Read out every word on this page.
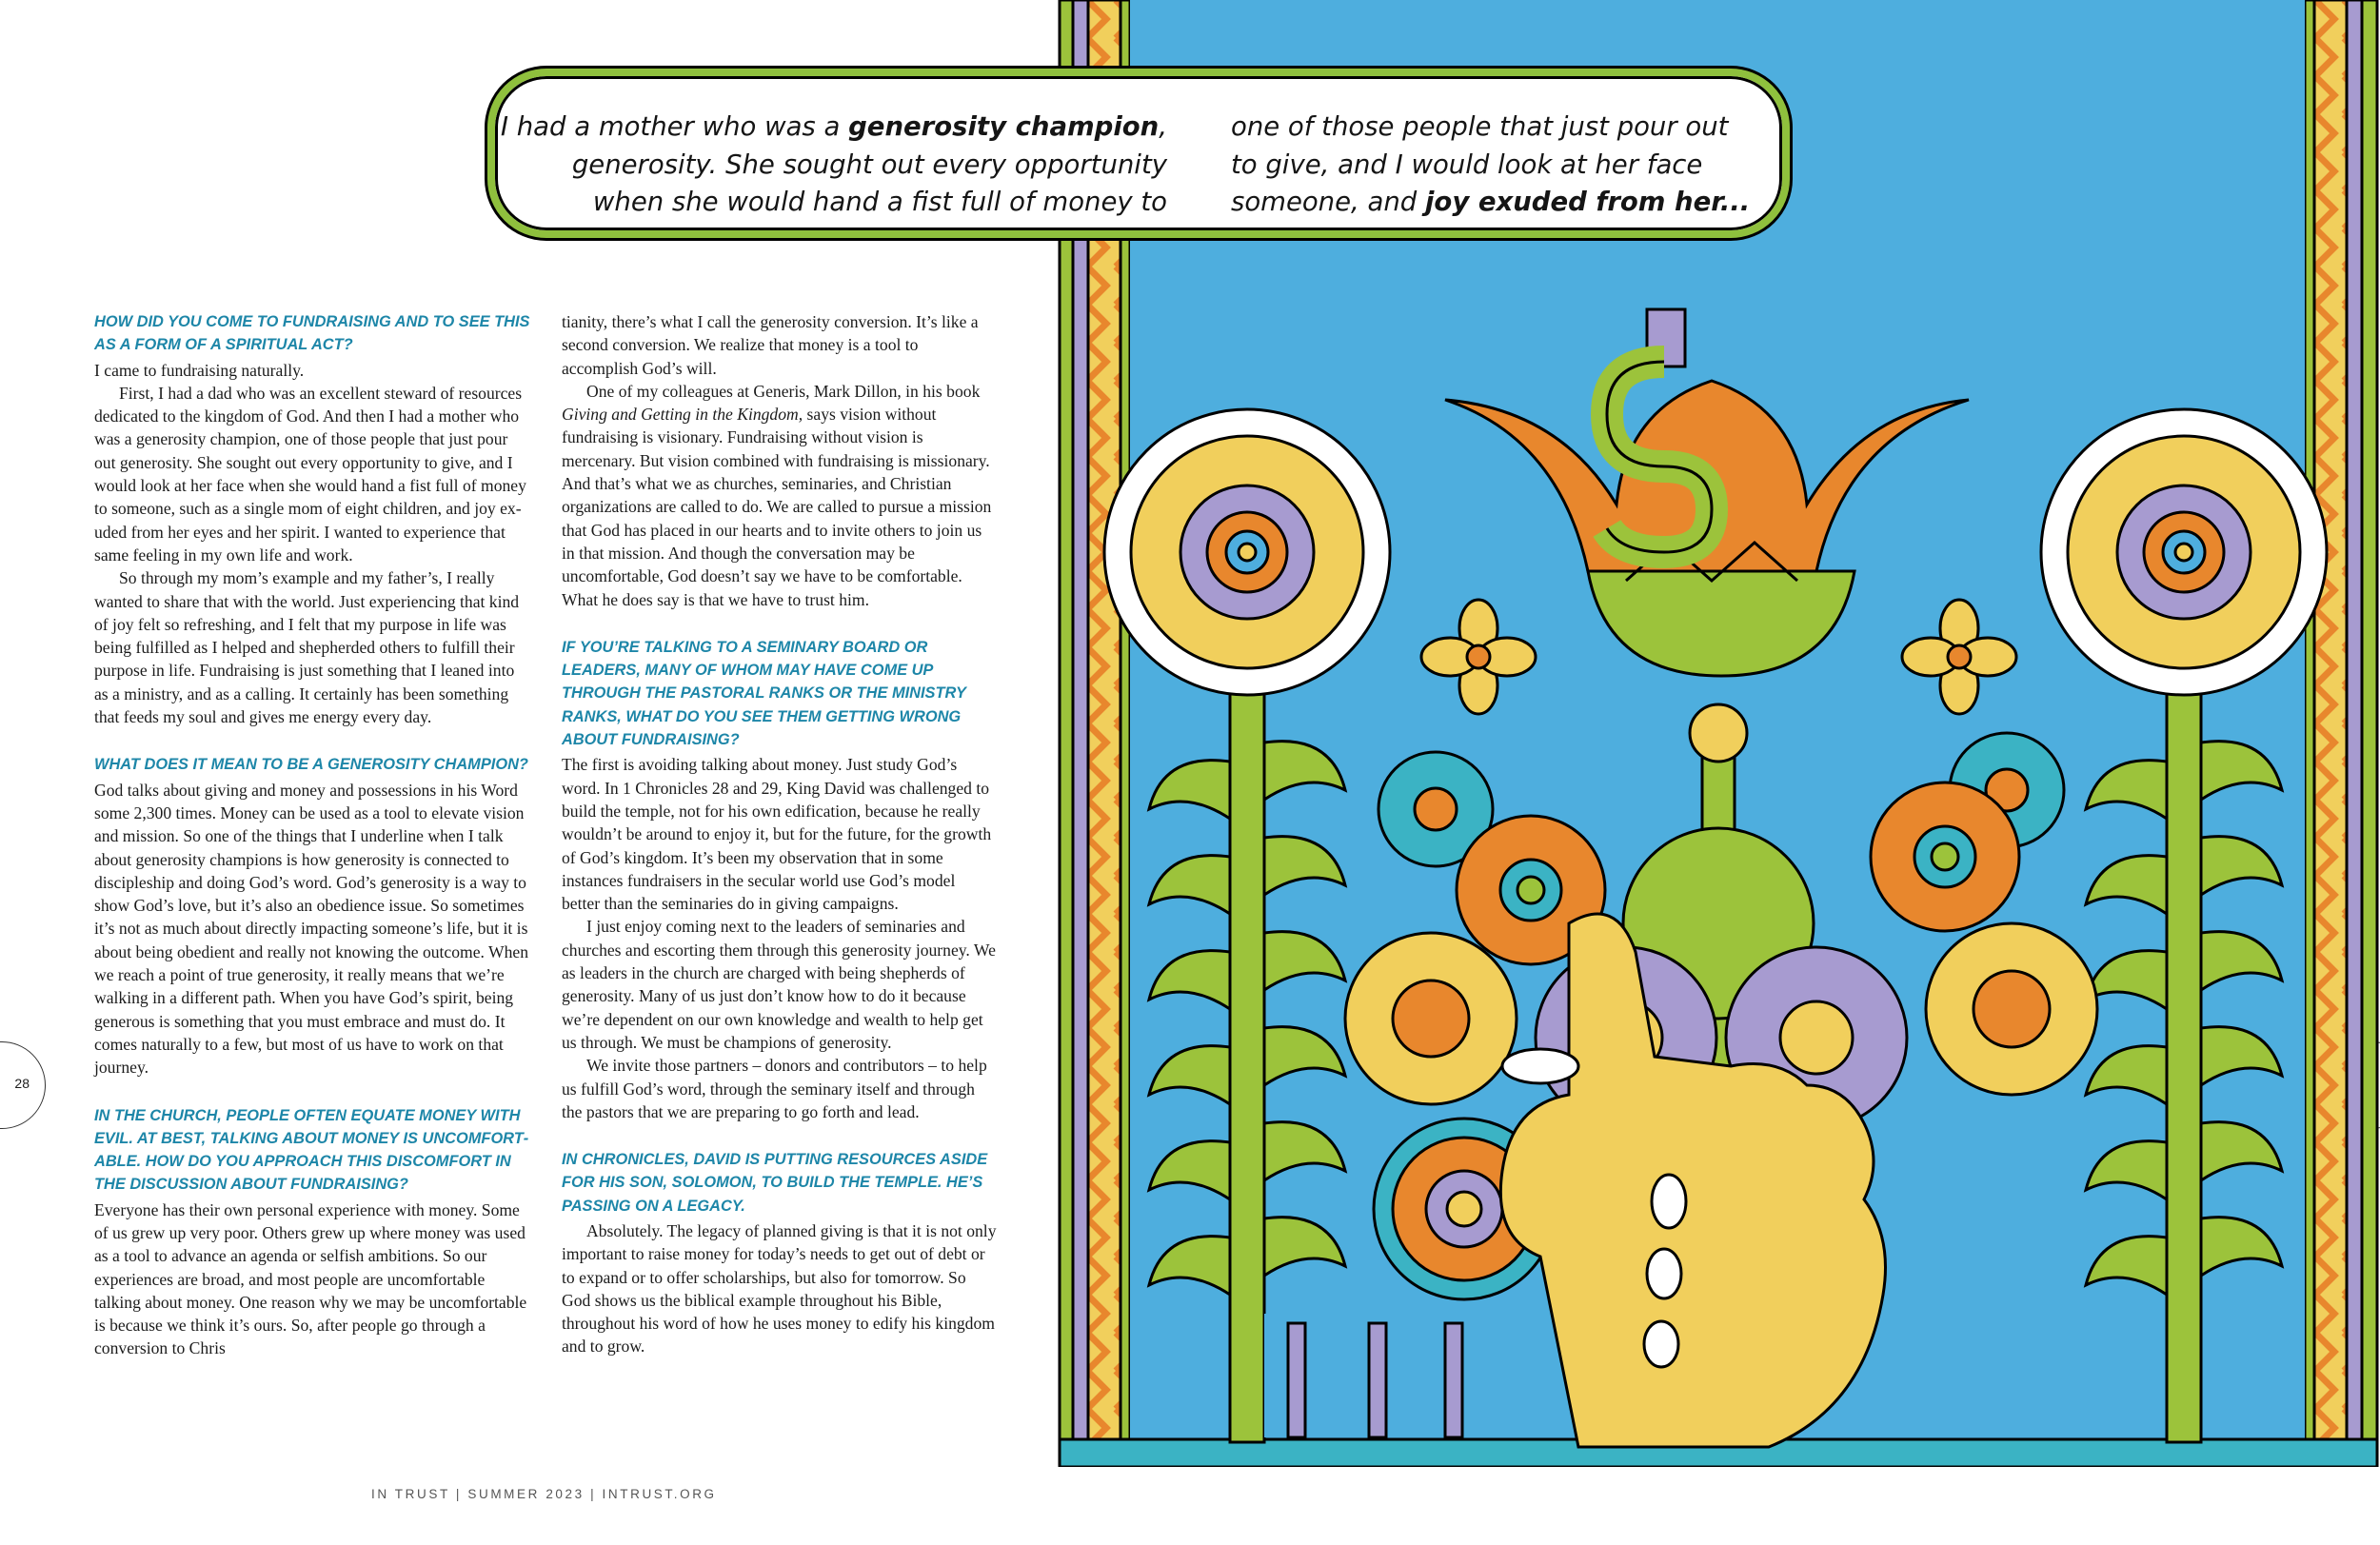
HOW DID YOU COME TO FUNDRAISING AND TO SEE THIS AS A FORM OF A SPIRITUAL ACT?

I came to fundraising naturally.

First, I had a dad who was an excellent steward of resources dedicated to the kingdom of God. And then I had a mother who was a generosity champion, one of those people that just pour out generosity. She sought out every opportunity to give, and I would look at her face when she would hand a fist full of money to someone, such as a single mom of eight children, and joy exuded from her eyes and her spirit. I wanted to experience that same feeling in my own life and work.

So through my mom’s example and my father’s, I really wanted to share that with the world. Just experiencing that kind of joy felt so refreshing, and I felt that my purpose in life was being fulfilled as I helped and shepherded others to fulfill their purpose in life. Fundraising is just something that I leaned into as a ministry, and as a calling. It certainly has been something that feeds my soul and gives me energy every day.

WHAT DOES IT MEAN TO BE A GENEROSITY CHAMPION?

God talks about giving and money and possessions in his Word some 2,300 times. Money can be used as a tool to elevate vision and mission. So one of the things that I underline when I talk about generosity champions is how generosity is connected to discipleship and doing God’s word. God’s generosity is a way to show God’s love, but it’s also an obedience issue. So sometimes it’s not as much about directly impacting someone’s life, but it is about being obedient and really not knowing the outcome. When we reach a point of true generosity, it really means that we’re walking in a different path. When you have God’s spirit, being generous is something that you must embrace and must do. It comes naturally to a few, but most of us have to work on that journey.

IN THE CHURCH, PEOPLE OFTEN EQUATE MONEY WITH EVIL. AT BEST, TALKING ABOUT MONEY IS UNCOMFORTABLE. HOW DO YOU APPROACH THIS DISCOMFORT IN THE DISCUSSION ABOUT FUNDRAISING?

Everyone has their own personal experience with money. Some of us grew up very poor. Others grew up where money was used as a tool to advance an agenda or selfish ambitions. So our experiences are broad, and most people are uncomfortable talking about money. One reason why we may be uncomfortable is because we think it’s ours. So, after people go through a conversion to Chris

tianity, there’s what I call the generosity conversion. It’s like a second conversion. We realize that money is a tool to accomplish God’s will.

One of my colleagues at Generis, Mark Dillon, in his book Giving and Getting in the Kingdom, says vision without fundraising is visionary. Fundraising without vision is mercenary. But vision combined with fundraising is missionary. And that’s what we as churches, seminaries, and Christian organizations are called to do. We are called to pursue a mission that God has placed in our hearts and to invite others to join us in that mission. And though the conversation may be uncomfortable, God doesn’t say we have to be comfortable. What he does say is that we have to trust him.

IF YOU’RE TALKING TO A SEMINARY BOARD OR LEADERS, MANY OF WHOM MAY HAVE COME UP THROUGH THE PASTORAL RANKS OR THE MINISTRY RANKS, WHAT DO YOU SEE THEM GETTING WRONG ABOUT FUNDRAISING?

The first is avoiding talking about money. Just study God’s word. In 1 Chronicles 28 and 29, King David was challenged to build the temple, not for his own edification, because he really wouldn’t be around to enjoy it, but for the future, for the growth of God’s kingdom. It’s been my observation that in some instances fundraisers in the secular world use God’s model better than the seminaries do in giving campaigns.

I just enjoy coming next to the leaders of seminaries and churches and escorting them through this generosity journey. We as leaders in the church are charged with being shepherds of generosity. Many of us just don’t know how to do it because we’re dependent on our own knowledge and wealth to help get us through. We must be champions of generosity.

We invite those partners – donors and contributors – to help us fulfill God’s word, through the seminary itself and through the pastors that we are preparing to go forth and lead.

IN CHRONICLES, DAVID IS PUTTING RESOURCES ASIDE FOR HIS SON, SOLOMON, TO BUILD THE TEMPLE. HE’S PASSING ON A LEGACY.

Absolutely. The legacy of planned giving is that it is not only important to raise money for today’s needs to get out of debt or to expand or to offer scholarships, but also for tomorrow. So God shows us the biblical example throughout his Bible, throughout his word of how he uses money to edify his kingdom and to grow.

28
IN TRUST | SUMMER 2023 | INTRUST.ORG
I had a mother who was a generosity champion,
generosity. She sought out every opportunity
when she would hand a fist full of money to
one of those people that just pour out
to give, and I would look at her face
someone, and joy exuded from her...
